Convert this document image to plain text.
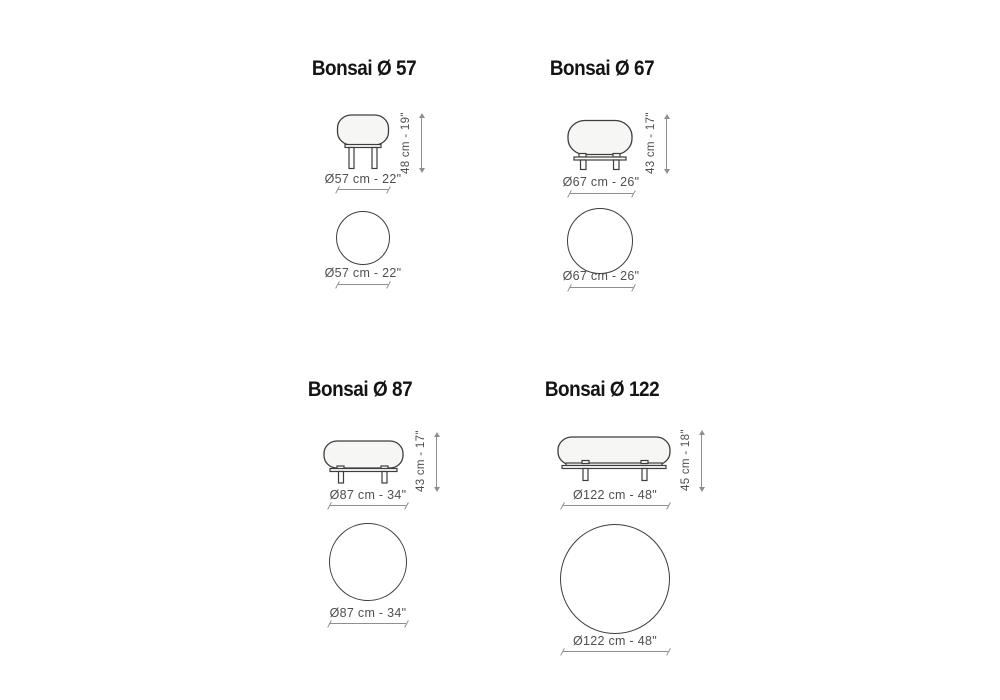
Bonsai Ø 57
48 cm - 19"
Ø57 cm - 22"
Ø57 cm - 22"
Bonsai Ø 67
43 cm - 17"
Ø67 cm - 26"
Ø67 cm - 26"
Bonsai Ø 87
43 cm - 17"
Ø87 cm - 34"
Ø87 cm - 34"
Bonsai Ø 122
45 cm - 18"
Ø122 cm - 48"
Ø122 cm - 48"
